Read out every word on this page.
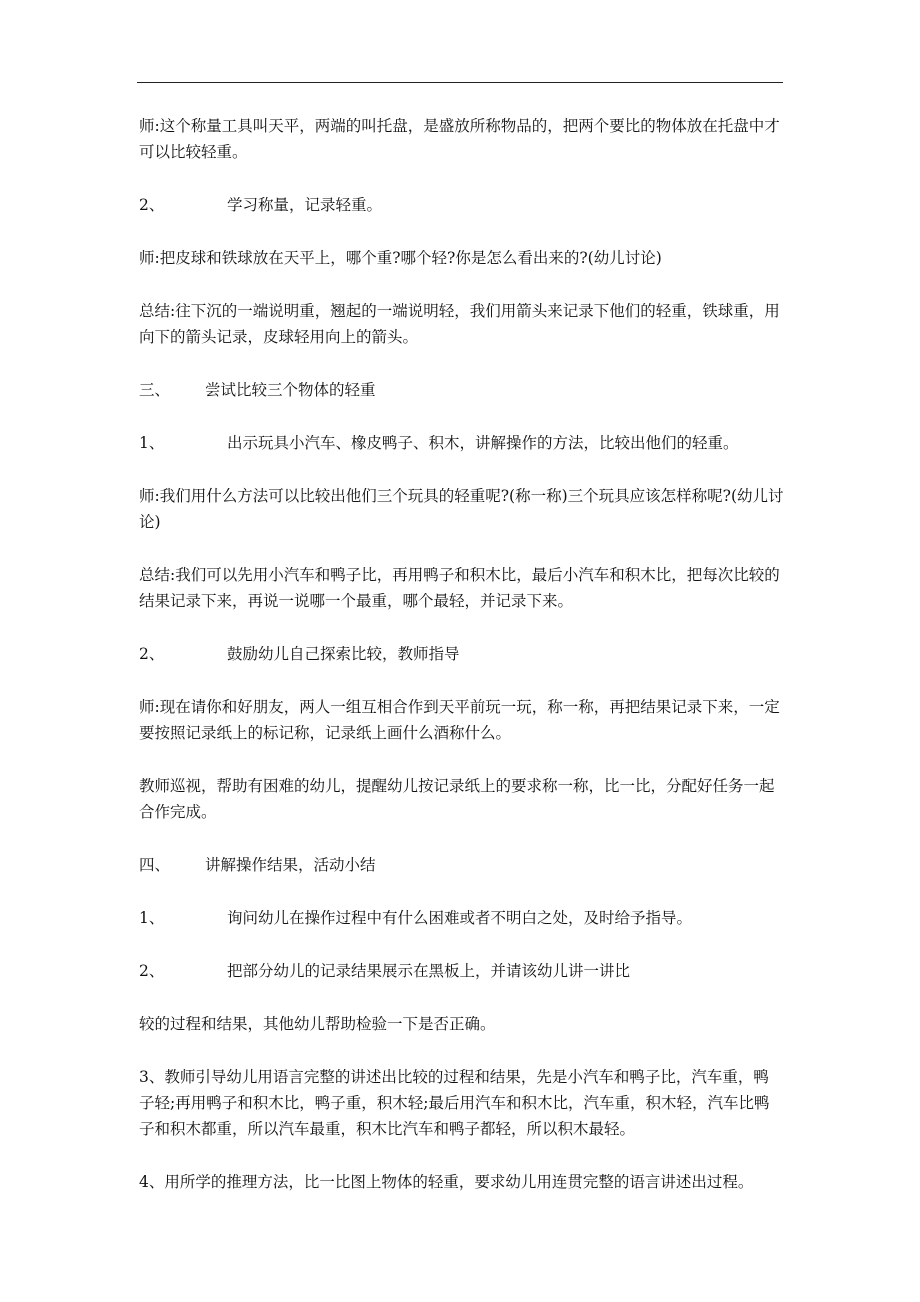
师:这个称量工具叫天平，两端的叫托盘，是盛放所称物品的，把两个要比的物体放在托盘中才可以比较轻重。

2、	学习称量，记录轻重。

师:把皮球和铁球放在天平上，哪个重?哪个轻?你是怎么看出来的?(幼儿讨论)

总结:往下沉的一端说明重，翘起的一端说明轻，我们用箭头来记录下他们的轻重，铁球重，用向下的箭头记录，皮球轻用向上的箭头。

三、	尝试比较三个物体的轻重
1、	出示玩具小汽车、橡皮鸭子、积木，讲解操作的方法，比较出他们的轻重。

师:我们用什么方法可以比较出他们三个玩具的轻重呢?(称一称)三个玩具应该怎样称呢?(幼儿讨论)

总结:我们可以先用小汽车和鸭子比，再用鸭子和积木比，最后小汽车和积木比，把每次比较的结果记录下来，再说一说哪一个最重，哪个最轻，并记录下来。

2、	鼓励幼儿自己探索比较，教师指导

师:现在请你和好朋友，两人一组互相合作到天平前玩一玩，称一称，再把结果记录下来，一定要按照记录纸上的标记称，记录纸上画什么酒称什么。

教师巡视，帮助有困难的幼儿，提醒幼儿按记录纸上的要求称一称，比一比，分配好任务一起合作完成。

四、	讲解操作结果，活动小结
1、	询问幼儿在操作过程中有什么困难或者不明白之处，及时给予指导。
2、	把部分幼儿的记录结果展示在黑板上，并请该幼儿讲一讲比

较的过程和结果，其他幼儿帮助检验一下是否正确。

3、教师引导幼儿用语言完整的讲述出比较的过程和结果，先是小汽车和鸭子比，汽车重，鸭子轻;再用鸭子和积木比，鸭子重，积木轻;最后用汽车和积木比，汽车重，积木轻，汽车比鸭子和积木都重，所以汽车最重，积木比汽车和鸭子都轻，所以积木最轻。

4、用所学的推理方法，比一比图上物体的轻重，要求幼儿用连贯完整的语言讲述出过程。
